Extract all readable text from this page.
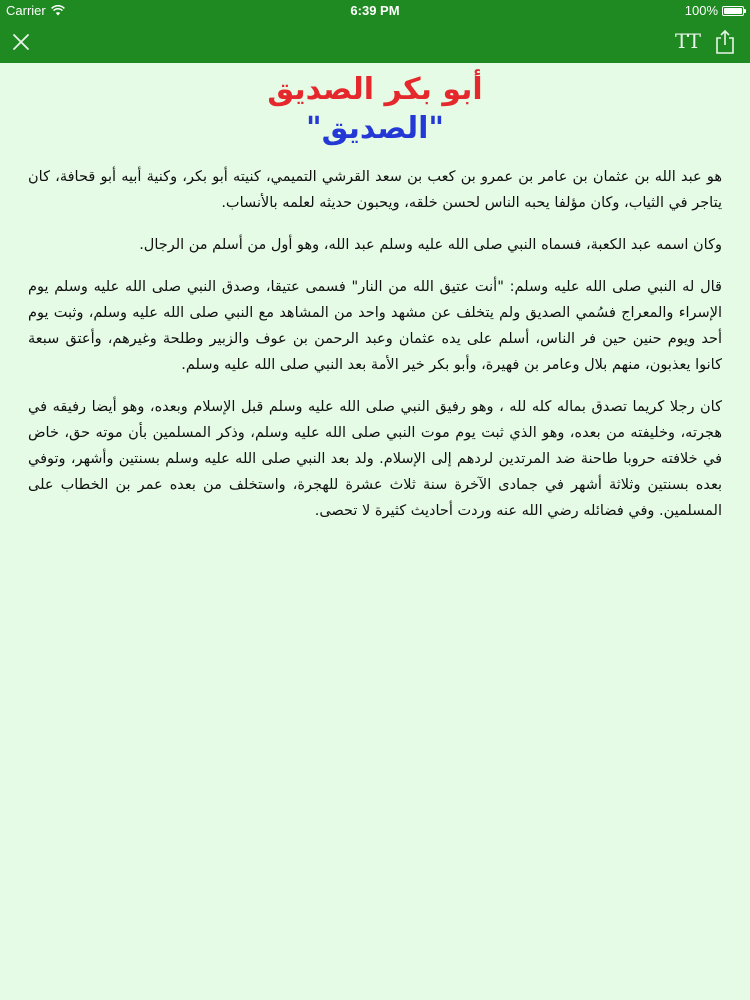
Carrier	6:39 PM	100%
TT
أبو بكر الصديق
"الصديق"

هو عبد الله بن عثمان بن عامر بن عمرو بن كعب بن سعد القرشي التميمي، كنيته أبو بكر، وكنية أبيه أبو قحافة، كان يتاجر في الثياب، وكان مؤلفا يحبه الناس لحسن خلقه، ويحبون حديثه لعلمه بالأنساب.

وكان اسمه عبد الكعبة، فسماه النبي صلى الله عليه وسلم عبد الله، وهو أول من أسلم من الرجال.

قال له النبي صلى الله عليه وسلم: "أنت عتيق الله من النار" فسمى عتيقا، وصدق النبي صلى الله عليه وسلم يوم الإسراء والمعراج فسُمي الصديق ولم يتخلف عن مشهد واحد من المشاهد مع النبي صلى الله عليه وسلم، وثبت يوم أحد ويوم حنين حين فر الناس، أسلم على يده عثمان وعبد الرحمن بن عوف والزبير وطلحة وغيرهم، وأعتق سبعة كانوا يعذبون، منهم بلال وعامر بن فهيرة، وأبو بكر خير الأمة بعد النبي صلى الله عليه وسلم.

كان رجلا كريما تصدق بماله كله لله ، وهو رفيق النبي صلى الله عليه وسلم قبل الإسلام وبعده، وهو أيضا رفيقه في هجرته، وخليفته من بعده، وهو الذي ثبت يوم موت النبي صلى الله عليه وسلم، وذكر المسلمين بأن موته حق، خاض في خلافته حروبا طاحنة ضد المرتدين لردهم إلى الإسلام. ولد بعد النبي صلى الله عليه وسلم بسنتين وأشهر، وتوفي بعده بسنتين وثلاثة أشهر في جمادى الآخرة سنة ثلاث عشرة للهجرة، واستخلف من بعده عمر بن الخطاب على المسلمين. وفي فضائله رضي الله عنه وردت أحاديث كثيرة لا تحصى.
